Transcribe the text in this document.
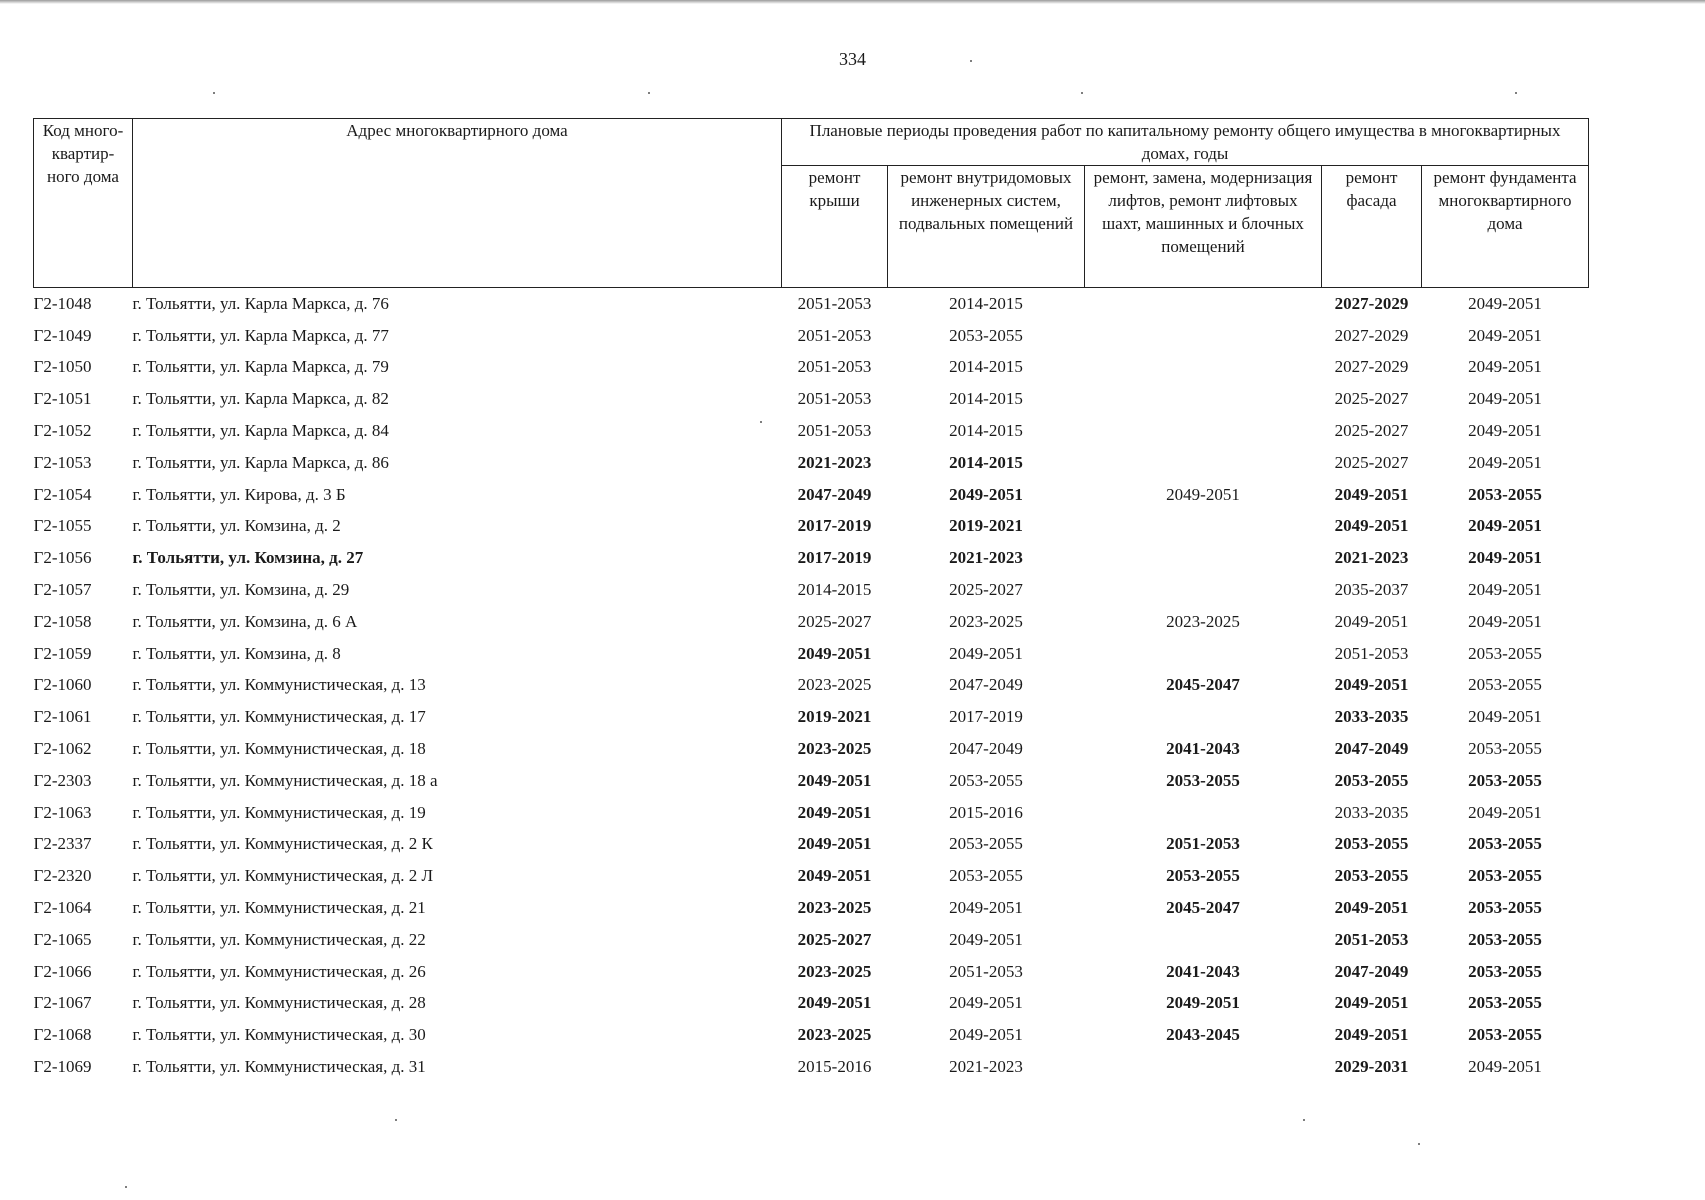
334
Код много-квартир-ного дома	Адрес многоквартирного дома	Плановые периоды проведения работ по капитальному ремонту общего имущества в многоквартирных домах, годы				
		ремонт крыши	ремонт внутридомовых инженерных систем, подвальных помещений	ремонт, замена, модернизация лифтов, ремонт лифтовых шахт, машинных и блочных помещений	ремонт фасада	ремонт фундамента многоквартирного дома
Г2-1048	г. Тольятти, ул. Карла Маркса, д. 76	2051-2053	2014-2015		2027-2029	2049-2051
Г2-1049	г. Тольятти, ул. Карла Маркса, д. 77	2051-2053	2053-2055		2027-2029	2049-2051
Г2-1050	г. Тольятти, ул. Карла Маркса, д. 79	2051-2053	2014-2015		2027-2029	2049-2051
Г2-1051	г. Тольятти, ул. Карла Маркса, д. 82	2051-2053	2014-2015		2025-2027	2049-2051
Г2-1052	г. Тольятти, ул. Карла Маркса, д. 84	2051-2053	2014-2015		2025-2027	2049-2051
Г2-1053	г. Тольятти, ул. Карла Маркса, д. 86	2021-2023	2014-2015		2025-2027	2049-2051
Г2-1054	г. Тольятти, ул. Кирова, д. 3 Б	2047-2049	2049-2051	2049-2051	2049-2051	2053-2055
Г2-1055	г. Тольятти, ул. Комзина, д. 2	2017-2019	2019-2021		2049-2051	2049-2051
Г2-1056	г. Тольятти, ул. Комзина, д. 27	2017-2019	2021-2023		2021-2023	2049-2051
Г2-1057	г. Тольятти, ул. Комзина, д. 29	2014-2015	2025-2027		2035-2037	2049-2051
Г2-1058	г. Тольятти, ул. Комзина, д. 6 А	2025-2027	2023-2025	2023-2025	2049-2051	2049-2051
Г2-1059	г. Тольятти, ул. Комзина, д. 8	2049-2051	2049-2051		2051-2053	2053-2055
Г2-1060	г. Тольятти, ул. Коммунистическая, д. 13	2023-2025	2047-2049	2045-2047	2049-2051	2053-2055
Г2-1061	г. Тольятти, ул. Коммунистическая, д. 17	2019-2021	2017-2019		2033-2035	2049-2051
Г2-1062	г. Тольятти, ул. Коммунистическая, д. 18	2023-2025	2047-2049	2041-2043	2047-2049	2053-2055
Г2-2303	г. Тольятти, ул. Коммунистическая, д. 18 а	2049-2051	2053-2055	2053-2055	2053-2055	2053-2055
Г2-1063	г. Тольятти, ул. Коммунистическая, д. 19	2049-2051	2015-2016		2033-2035	2049-2051
Г2-2337	г. Тольятти, ул. Коммунистическая, д. 2 К	2049-2051	2053-2055	2051-2053	2053-2055	2053-2055
Г2-2320	г. Тольятти, ул. Коммунистическая, д. 2 Л	2049-2051	2053-2055	2053-2055	2053-2055	2053-2055
Г2-1064	г. Тольятти, ул. Коммунистическая, д. 21	2023-2025	2049-2051	2045-2047	2049-2051	2053-2055
Г2-1065	г. Тольятти, ул. Коммунистическая, д. 22	2025-2027	2049-2051		2051-2053	2053-2055
Г2-1066	г. Тольятти, ул. Коммунистическая, д. 26	2023-2025	2051-2053	2041-2043	2047-2049	2053-2055
Г2-1067	г. Тольятти, ул. Коммунистическая, д. 28	2049-2051	2049-2051	2049-2051	2049-2051	2053-2055
Г2-1068	г. Тольятти, ул. Коммунистическая, д. 30	2023-2025	2049-2051	2043-2045	2049-2051	2053-2055
Г2-1069	г. Тольятти, ул. Коммунистическая, д. 31	2015-2016	2021-2023		2029-2031	2049-2051
